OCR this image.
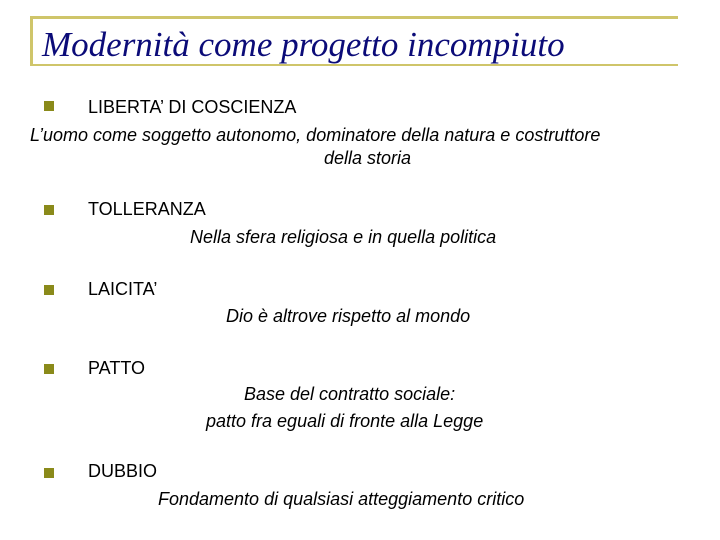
Modernità come progetto incompiuto
LIBERTA’ DI COSCIENZA
L’uomo come soggetto autonomo, dominatore della natura e costruttore
della storia
TOLLERANZA
Nella sfera religiosa e in quella politica
LAICITA’
Dio è altrove rispetto al mondo
PATTO
Base del contratto sociale:
patto fra eguali di fronte alla Legge
DUBBIO
Fondamento di qualsiasi atteggiamento critico
